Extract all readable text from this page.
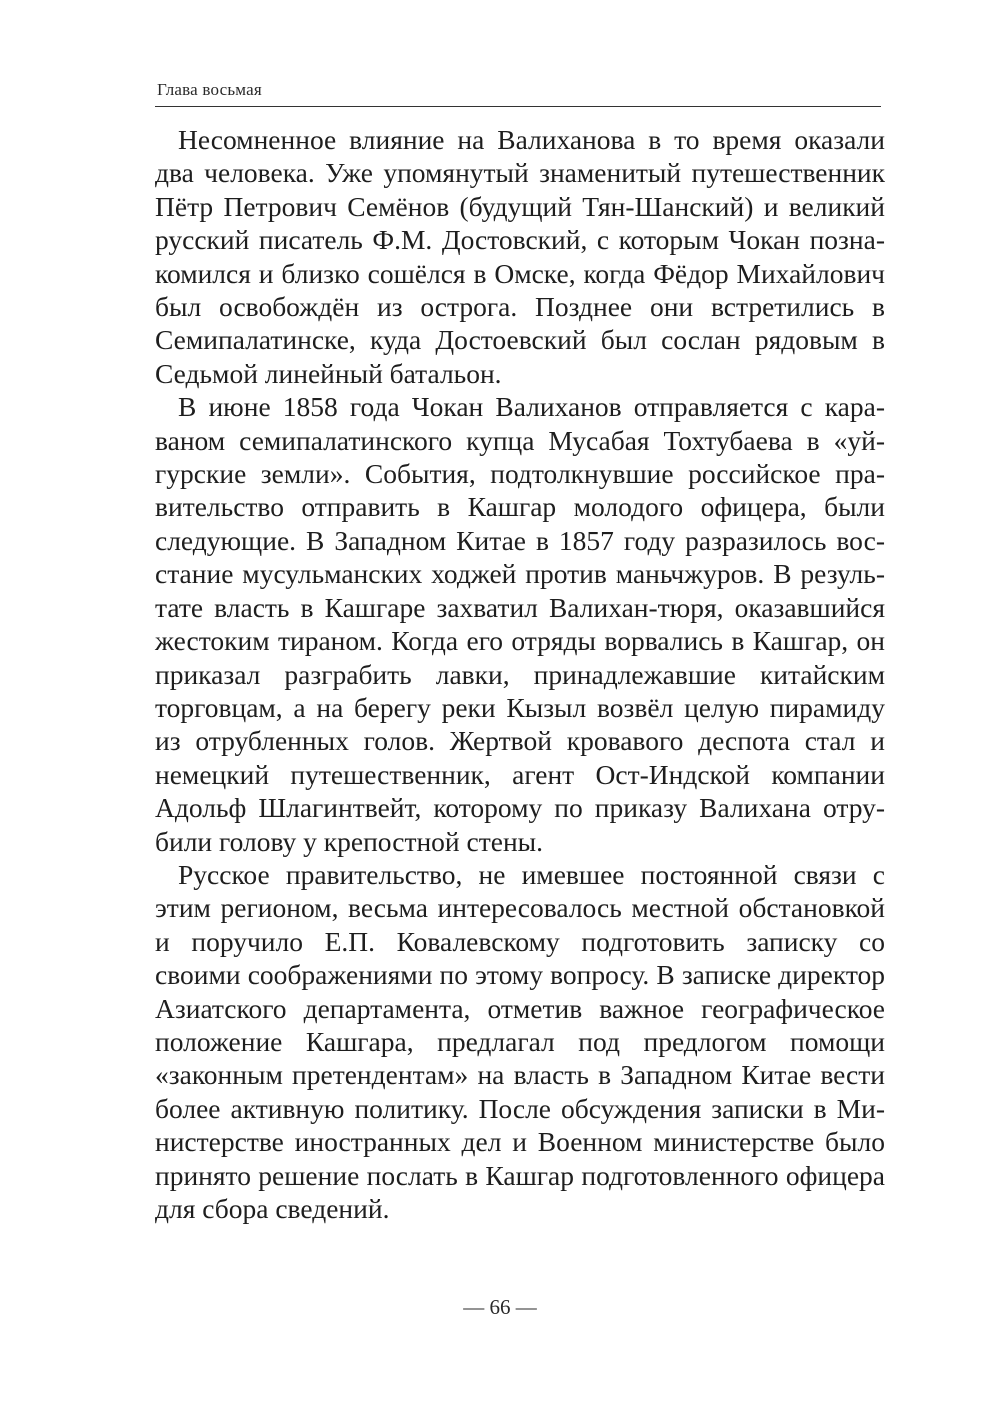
Глава восьмая

Несомненное влияние на Валиханова в то время оказали два человека. Уже упомянутый знаменитый путешественник Пётр Петрович Семёнов (будущий Тян-Шанский) и великий русский писатель Ф.М. Достовский, с которым Чокан познакомился и близко сошёлся в Омске, когда Фёдор Михайлович был освобождён из острога. Позднее они встретились в Семипалатинске, куда Достоевский был сослан рядовым в Седьмой линейный батальон.

В июне 1858 года Чокан Валиханов отправляется с караваном семипалатинского купца Мусабая Тохтубаева в «уйгурские земли». События, подтолкнувшие российское правительство отправить в Кашгар молодого офицера, были следующие. В Западном Китае в 1857 году разразилось восстание мусульманских ходжей против маньчжуров. В результате власть в Кашгаре захватил Валихан-тюря, оказавшийся жестоким тираном. Когда его отряды ворвались в Кашгар, он приказал разграбить лавки, принадлежавшие китайским торговцам, а на берегу реки Кызыл возвёл целую пирамиду из отрубленных голов. Жертвой кровавого деспота стал и немецкий путешественник, агент Ост-Индской компании Адольф Шлагинтвейт, которому по приказу Валихана отрубили голову у крепостной стены.

Русское правительство, не имевшее постоянной связи с этим регионом, весьма интересовалось местной обстановкой и поручило Е.П. Ковалевскому подготовить записку со своими соображениями по этому вопросу. В записке директор Азиатского департамента, отметив важное географическое положение Кашгара, предлагал под предлогом помощи «законным претендентам» на власть в Западном Китае вести более активную политику. После обсуждения записки в Министерстве иностранных дел и Военном министерстве было принято решение послать в Кашгар подготовленного офицера для сбора сведений.

— 66 —
